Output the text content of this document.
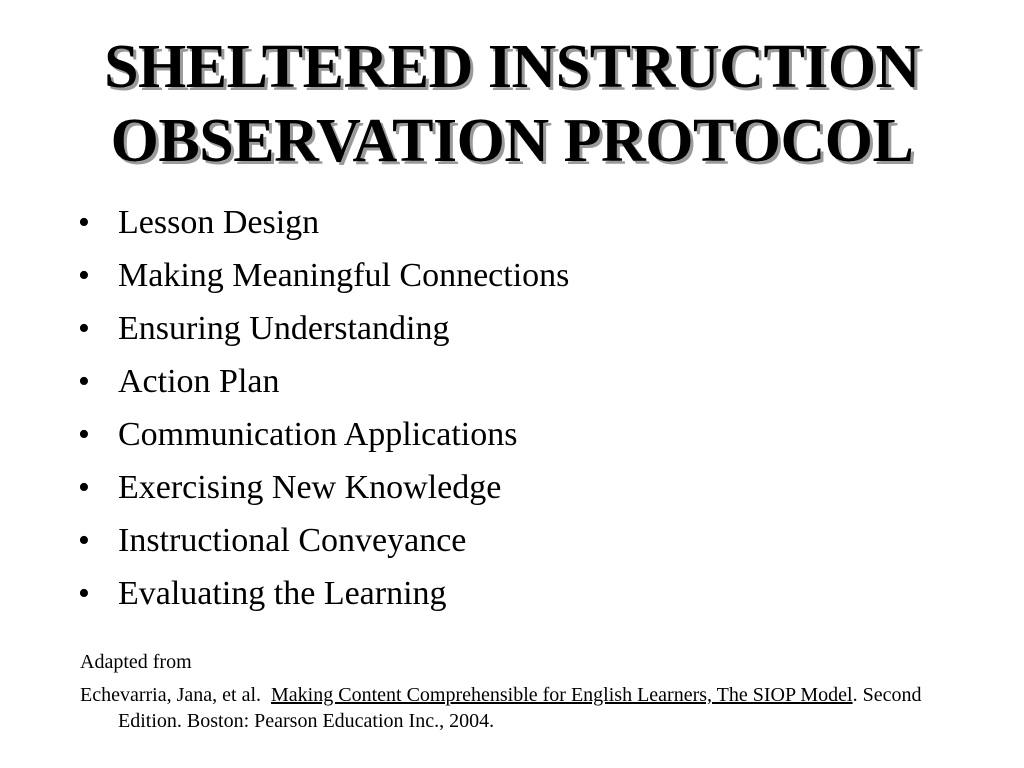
SHELTERED INSTRUCTION
OBSERVATION PROTOCOL
• Lesson Design
• Making Meaningful Connections
• Ensuring Understanding
• Action Plan
• Communication Applications
• Exercising New Knowledge
• Instructional Conveyance
• Evaluating the Learning
Adapted from
Echevarria, Jana, et al.  Making Content Comprehensible for English Learners, The SIOP Model. Second Edition. Boston: Pearson Education Inc., 2004.
